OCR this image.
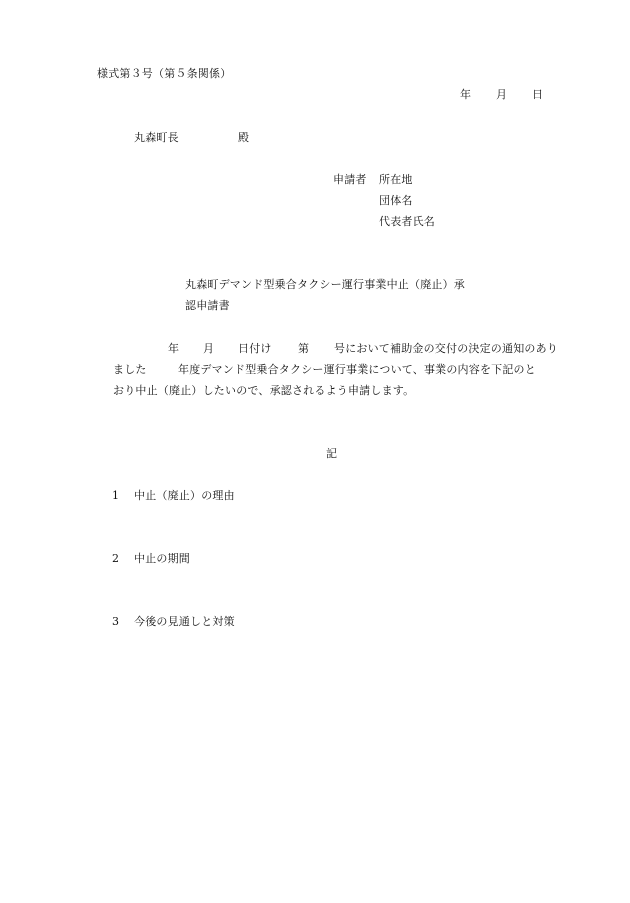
様式第３号（第５条関係）
年 月 日
丸森町長	殿
申請者 所在地
団体名
代表者氏名
丸森町デマンド型乗合タクシー運行事業中止（廃止）承
認申請書
年 月 日付け 第 号において補助金の交付の決定の通知のあり
ました	年度デマンド型乗合タクシー運行事業について、事業の内容を下記のと
おり中止（廃止）したいので、承認されるよう申請します。
記
1 中止（廃止）の理由
2 中止の期間
3 今後の見通しと対策
